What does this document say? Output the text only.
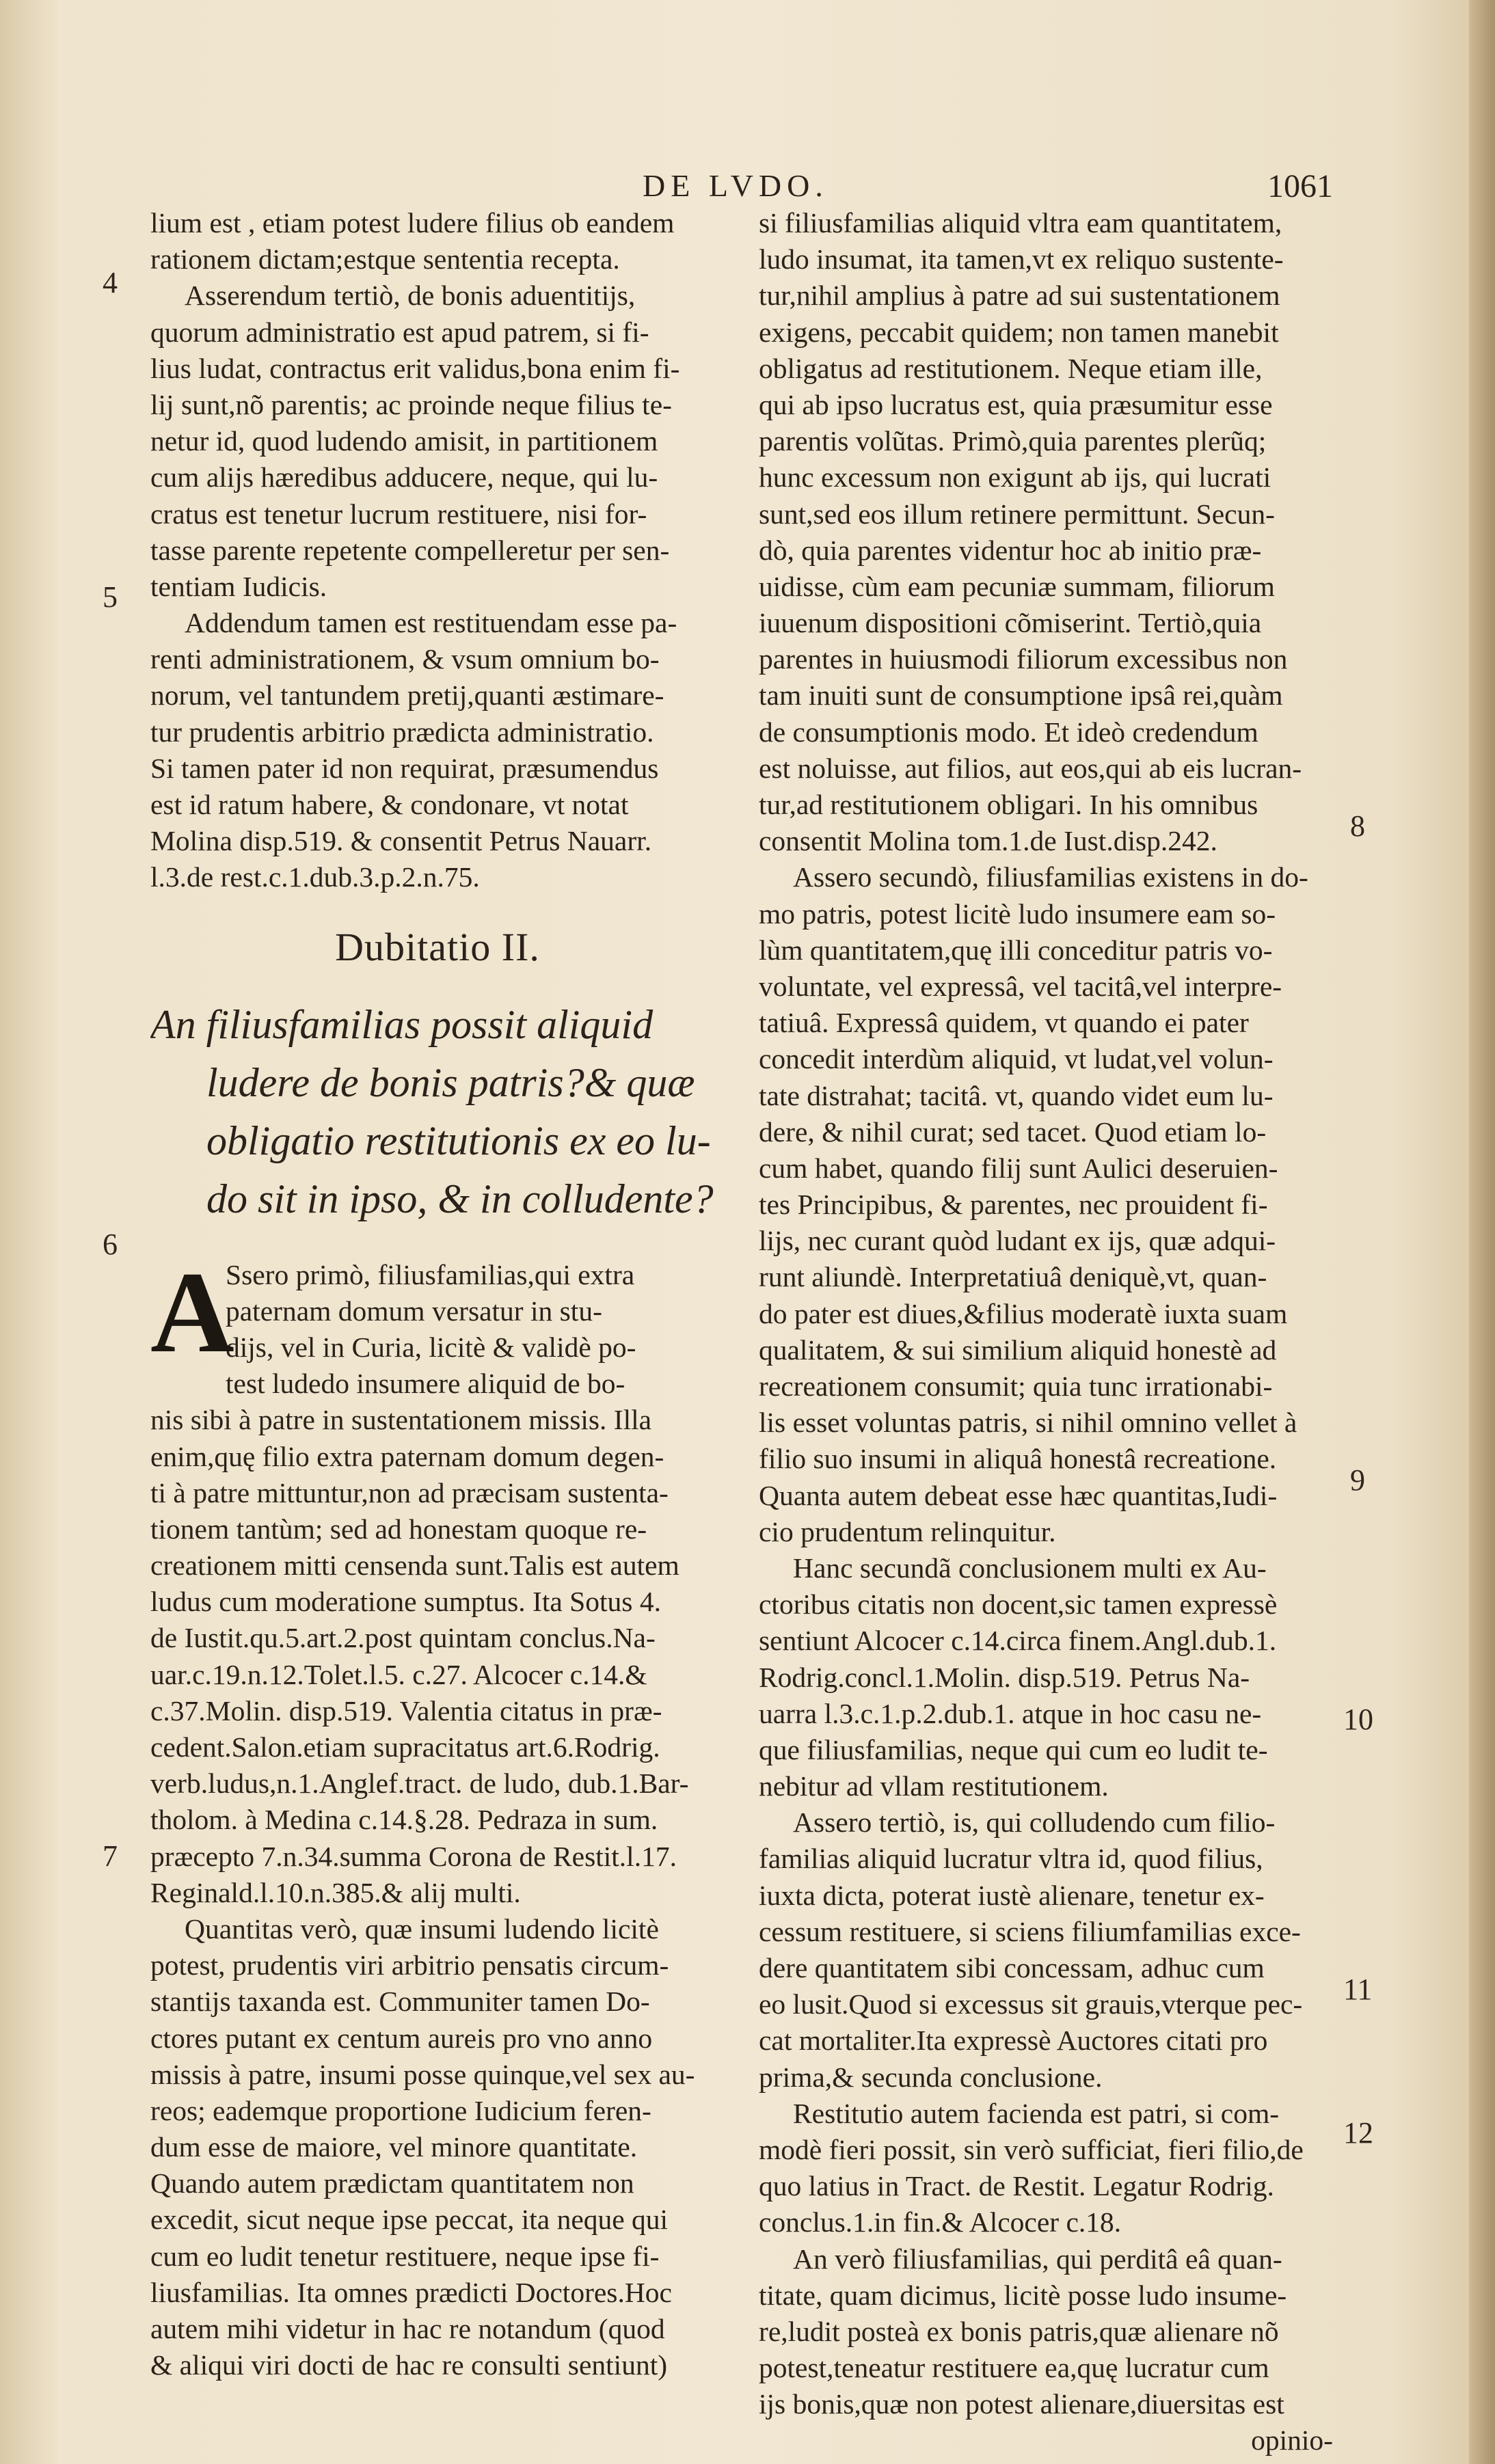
DE LVDO.	1061
lium est , etiam potest ludere filius ob eandem
rationem dictam;estque sententia recepta.
Asserendum tertiò, de bonis aduentitijs,
quorum administratio est apud patrem, si fi-
lius ludat, contractus erit validus,bona enim fi-
lij sunt,nõ parentis; ac proinde neque filius te-
netur id, quod ludendo amisit, in partitionem
cum alijs hæredibus adducere, neque, qui lu-
cratus est tenetur lucrum restituere, nisi for-
tasse parente repetente compelleretur per sen-
tentiam Iudicis.
Addendum tamen est restituendam esse pa-
renti administrationem, & vsum omnium bo-
norum, vel tantundem pretij,quanti æstimare-
tur prudentis arbitrio prædicta administratio.
Si tamen pater id non requirat, præsumendus
est id ratum habere, & condonare, vt notat
Molina disp.519. & consentit Petrus Nauarr.
l.3.de rest.c.1.dub.3.p.2.n.75.
Dubitatio II.
An filiusfamilias possit aliquid
ludere de bonis patris?& quæ
obligatio restitutionis ex eo lu-
do sit in ipso, & in colludente?
A
Ssero primò, filiusfamilias,qui extra
paternam domum versatur in stu-
dijs, vel in Curia, licitè & validè po-
test ludedo insumere aliquid de bo-
nis sibi à patre in sustentationem missis. Illa
enim,quę filio extra paternam domum degen-
ti à patre mittuntur,non ad præcisam sustenta-
tionem tantùm; sed ad honestam quoque re-
creationem mitti censenda sunt.Talis est autem
ludus cum moderatione sumptus. Ita Sotus 4.
de Iustit.qu.5.art.2.post quintam conclus.Na-
uar.c.19.n.12.Tolet.l.5. c.27. Alcocer c.14.&
c.37.Molin. disp.519. Valentia citatus in præ-
cedent.Salon.etiam supracitatus art.6.Rodrig.
verb.ludus,n.1.Anglef.tract. de ludo, dub.1.Bar-
tholom. à Medina c.14.§.28. Pedraza in sum.
præcepto 7.n.34.summa Corona de Restit.l.17.
Reginald.l.10.n.385.& alij multi.
Quantitas verò, quæ insumi ludendo licitè
potest, prudentis viri arbitrio pensatis circum-
stantijs taxanda est. Communiter tamen Do-
ctores putant ex centum aureis pro vno anno
missis à patre, insumi posse quinque,vel sex au-
reos; eademque proportione Iudicium feren-
dum esse de maiore, vel minore quantitate.
Quando autem prædictam quantitatem non
excedit, sicut neque ipse peccat, ita neque qui
cum eo ludit tenetur restituere, neque ipse fi-
liusfamilias. Ita omnes prædicti Doctores.Hoc
autem mihi videtur in hac re notandum (quod
& aliqui viri docti de hac re consulti sentiunt)
si filiusfamilias aliquid vltra eam quantitatem,
ludo insumat, ita tamen,vt ex reliquo sustente-
tur,nihil amplius à patre ad sui sustentationem
exigens, peccabit quidem; non tamen manebit
obligatus ad restitutionem. Neque etiam ille,
qui ab ipso lucratus est, quia præsumitur esse
parentis volũtas. Primò,quia parentes plerũq;
hunc excessum non exigunt ab ijs, qui lucrati
sunt,sed eos illum retinere permittunt. Secun-
dò, quia parentes videntur hoc ab initio præ-
uidisse, cùm eam pecuniæ summam, filiorum
iuuenum dispositioni cõmiserint. Tertiò,quia
parentes in huiusmodi filiorum excessibus non
tam inuiti sunt de consumptione ipsâ rei,quàm
de consumptionis modo. Et ideò credendum
est noluisse, aut filios, aut eos,qui ab eis lucran-
tur,ad restitutionem obligari. In his omnibus
consentit Molina tom.1.de Iust.disp.242.
Assero secundò, filiusfamilias existens in do-
mo patris, potest licitè ludo insumere eam so-
lùm quantitatem,quę illi conceditur patris vo-
voluntate, vel expressâ, vel tacitâ,vel interpre-
tatiuâ. Expressâ quidem, vt quando ei pater
concedit interdùm aliquid, vt ludat,vel volun-
tate distrahat; tacitâ. vt, quando videt eum lu-
dere, & nihil curat; sed tacet. Quod etiam lo-
cum habet, quando filij sunt Aulici deseruien-
tes Principibus, & parentes, nec prouident fi-
lijs, nec curant quòd ludant ex ijs, quæ adqui-
runt aliundè. Interpretatiuâ deniquè,vt, quan-
do pater est diues,&filius moderatè iuxta suam
qualitatem, & sui similium aliquid honestè ad
recreationem consumit; quia tunc irrationabi-
lis esset voluntas patris, si nihil omnino vellet à
filio suo insumi in aliquâ honestâ recreatione.
Quanta autem debeat esse hæc quantitas,Iudi-
cio prudentum relinquitur.
Hanc secundã conclusionem multi ex Au-
ctoribus citatis non docent,sic tamen expressè
sentiunt Alcocer c.14.circa finem.Angl.dub.1.
Rodrig.concl.1.Molin. disp.519. Petrus Na-
uarra l.3.c.1.p.2.dub.1. atque in hoc casu ne-
que filiusfamilias, neque qui cum eo ludit te-
nebitur ad vllam restitutionem.
Assero tertiò, is, qui colludendo cum filio-
familias aliquid lucratur vltra id, quod filius,
iuxta dicta, poterat iustè alienare, tenetur ex-
cessum restituere, si sciens filiumfamilias exce-
dere quantitatem sibi concessam, adhuc cum
eo lusit.Quod si excessus sit grauis,vterque pec-
cat mortaliter.Ita expressè Auctores citati pro
prima,& secunda conclusione.
Restitutio autem facienda est patri, si com-
modè fieri possit, sin verò sufficiat, fieri filio,de
quo latius in Tract. de Restit. Legatur Rodrig.
conclus.1.in fin.& Alcocer c.18.
An verò filiusfamilias, qui perditâ eâ quan-
titate, quam dicimus, licitè posse ludo insume-
re,ludit posteà ex bonis patris,quæ alienare nõ
potest,teneatur restituere ea,quę lucratur cum
ijs bonis,quæ non potest alienare,diuersitas est
opinio-
4
5
6
7
8
9
10
11
12
